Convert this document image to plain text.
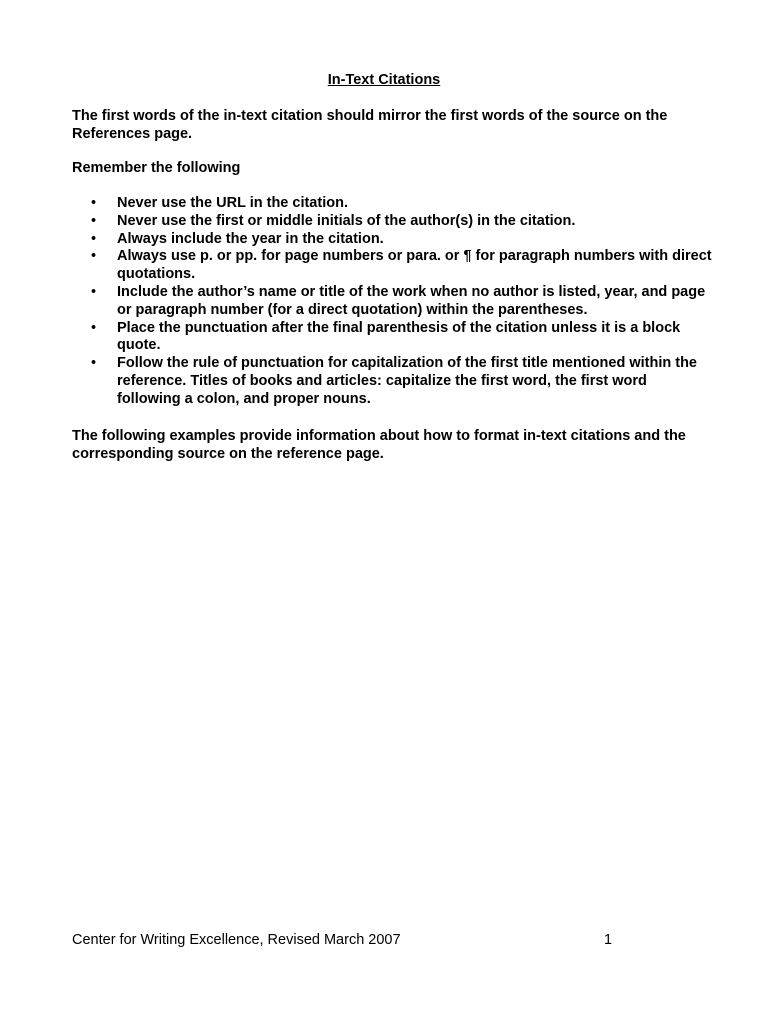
In-Text Citations

The first words of the in-text citation should mirror the first words of the source on the References page.

Remember the following

• Never use the URL in the citation.
• Never use the first or middle initials of the author(s) in the citation.
• Always include the year in the citation.
• Always use p. or pp. for page numbers or para. or ¶ for paragraph numbers with direct quotations.
• Include the author’s name or title of the work when no author is listed, year, and page or paragraph number (for a direct quotation) within the parentheses.
• Place the punctuation after the final parenthesis of the citation unless it is a block quote.
• Follow the rule of punctuation for capitalization of the first title mentioned within the reference. Titles of books and articles: capitalize the first word, the first word following a colon, and proper nouns.

The following examples provide information about how to format in-text citations and the corresponding source on the reference page.

Center for Writing Excellence, Revised March 2007	1
